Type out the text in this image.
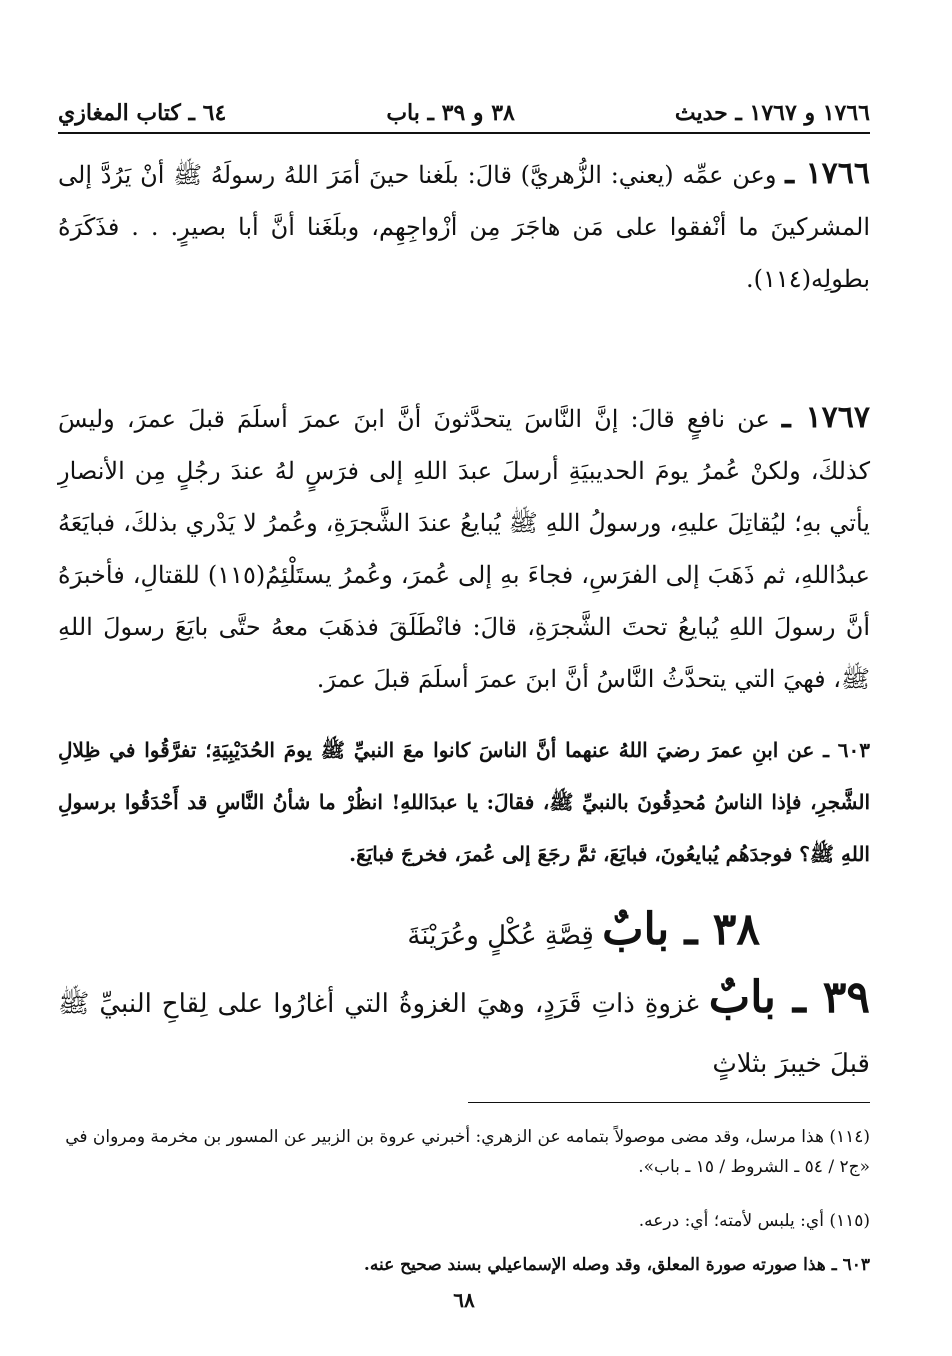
٦٤ ـ كتاب المغازي	٣٨ و ٣٩ ـ باب	١٧٦٦ و ١٧٦٧ ـ حديث

١٧٦٦ ـ وعن عمِّه (يعني: الزُّهريَّ) قالَ: بلَغنا حينَ أمَرَ اللهُ رسولَهُ ﷺ أنْ يَرُدَّ إلى المشركينَ ما أنْفقوا على مَن هاجَرَ مِن أزْواجِهِم، وبلَغَنا أنَّ أبا بصيرٍ. . . فذَكَرَهُ بطولِه(١١٤).

١٧٦٧ ـ عن نافعٍ قالَ: إنَّ النَّاسَ يتحدَّثونَ أنَّ ابنَ عمرَ أسلَمَ قبلَ عمرَ، وليسَ كذلكَ، ولكنْ عُمرُ يومَ الحديبيَةِ أرسلَ عبدَ اللهِ إلى فرَسٍ لهُ عندَ رجُلٍ مِن الأنصارِ يأتي بهِ؛ ليُقاتِلَ عليهِ، ورسولُ اللهِ ﷺ يُبايعُ عندَ الشَّجرَةِ، وعُمرُ لا يَدْري بذلكَ، فبايَعَهُ عبدُاللهِ، ثم ذَهَبَ إلى الفرَسِ، فجاءَ بهِ إلى عُمرَ، وعُمرُ يستَلْئِمُ(١١٥) للقتالِ، فأخبرَهُ أنَّ رسولَ اللهِ يُبايعُ تحتَ الشَّجرَةِ، قالَ: فانْطَلَقَ فذهَبَ معهُ حتَّى بايَعَ رسولَ اللهِ ﷺ، فهيَ التي يتحدَّثُ النَّاسُ أنَّ ابنَ عمرَ أسلَمَ قبلَ عمرَ.

٦٠٣ ـ عن ابنِ عمرَ رضيَ اللهُ عنهما أنَّ الناسَ كانوا معَ النبيِّ ﷺ يومَ الحُدَيْبِيَةِ؛ تفرَّقُوا في ظِلالِ الشَّجرِ، فإذا الناسُ مُحدِقُونَ بالنبيِّ ﷺ، فقالَ: يا عبدَاللهِ! انظُرْ ما شأنُ النَّاسِ قد أَحْدَقُوا برسولِ اللهِ ﷺ؟ فوجدَهُم يُبايعُونَ، فبايَعَ، ثمَّ رجَعَ إلى عُمرَ، فخرجَ فبايَعَ.

٣٨ ـ بابٌ قِصَّةِ عُكْلٍ وعُرَيْنَةَ
٣٩ ـ بابٌ غزوةِ ذاتِ قَرَدٍ، وهيَ الغزوةُ التي أغارُوا على لِقاحِ النبيِّ ﷺ قبلَ خيبرَ بثلاثٍ
(١١٤) هذا مرسل، وقد مضى موصولاً بتمامه عن الزهري: أخبرني عروة بن الزبير عن المسور بن مخرمة ومروان في «ج٢ / ٥٤ ـ الشروط / ١٥ ـ باب».
(١١٥) أي: يلبس لأمته؛ أي: درعه.
٦٠٣ ـ هذا صورته صورة المعلق، وقد وصله الإسماعيلي بسند صحيح عنه.
٦٨
